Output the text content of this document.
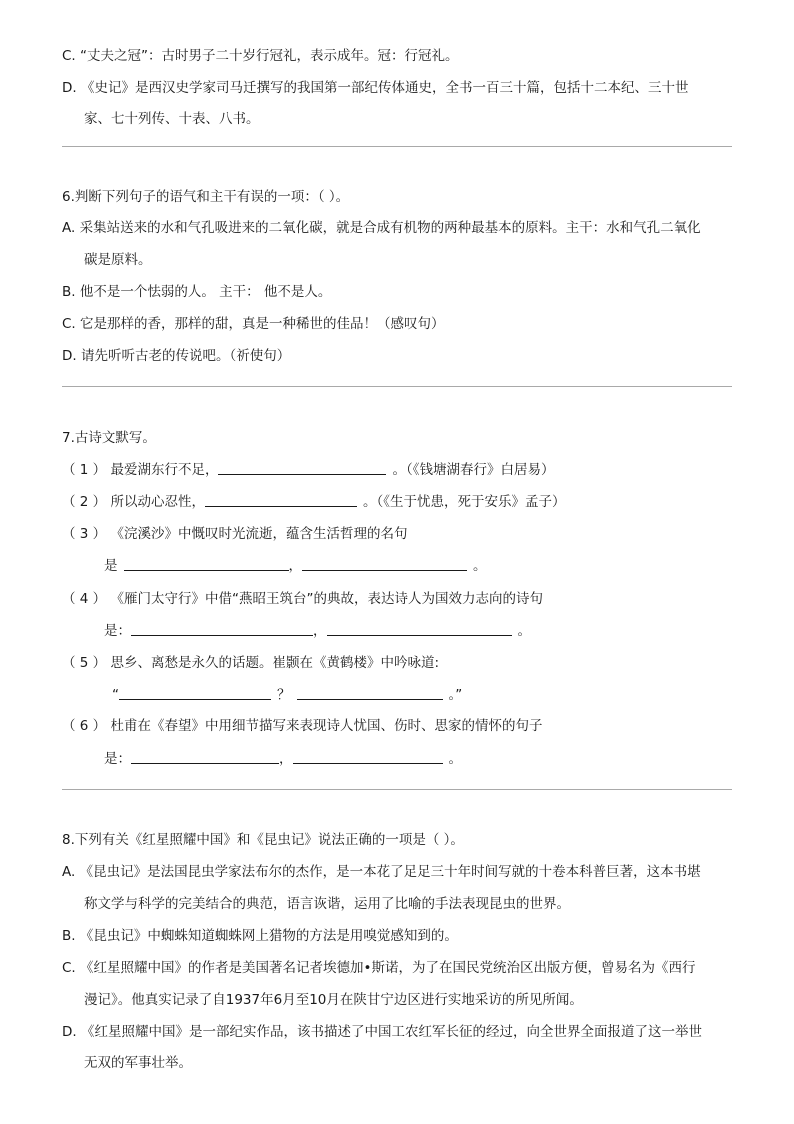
C. “丈夫之冠”：古时男子二十岁行冠礼，表示成年。冠：行冠礼。
D. 《史记》是西汉史学家司马迁撰写的我国第一部纪传体通史，全书一百三十篇，包括十二本纪、三十世
家、七十列传、十表、八书。
6.判断下列句子的语气和主干有误的一项：（ ）。
A. 采集站送来的水和气孔吸进来的二氧化碳，就是合成有机物的两种最基本的原料。主干：水和气孔二氧化
碳是原料。
B. 他不是一个怯弱的人。 主干： 他不是人。
C. 它是那样的香，那样的甜，真是一种稀世的佳品！（感叹句）
D. 请先听听古老的传说吧。（祈使句）
7.古诗文默写。
（ 1 ） 最爱湖东行不足，	。（《钱塘湖春行》白居易）
（ 2 ） 所以动心忍性，	。（《生于忧患，死于安乐》孟子）
（ 3 ） 《浣溪沙》中慨叹时光流逝，蕴含生活哲理的名句
是	，	。
（ 4 ） 《雁门太守行》中借“燕昭王筑台”的典故，表达诗人为国效力志向的诗句
是：	，	。
（ 5 ） 思乡、离愁是永久的话题。崔颢在《黄鹤楼》中吟咏道:
“	？	。”
（ 6 ） 杜甫在《春望》中用细节描写来表现诗人忧国、伤时、思家的情怀的句子
是：	，	。
8.下列有关《红星照耀中国》和《昆虫记》说法正确的一项是（ ）。
A. 《昆虫记》是法国昆虫学家法布尔的杰作，是一本花了足足三十年时间写就的十卷本科普巨著，这本书堪
称文学与科学的完美结合的典范，语言诙谐，运用了比喻的手法表现昆虫的世界。
B. 《昆虫记》中蜘蛛知道蜘蛛网上猎物的方法是用嗅觉感知到的。
C. 《红星照耀中国》的作者是美国著名记者埃德加•斯诺，为了在国民党统治区出版方便，曾易名为《西行
漫记》。他真实记录了自1937年6月至10月在陕甘宁边区进行实地采访的所见所闻。
D. 《红星照耀中国》是一部纪实作品，该书描述了中国工农红军长征的经过，向全世界全面报道了这一举世
无双的军事壮举。
